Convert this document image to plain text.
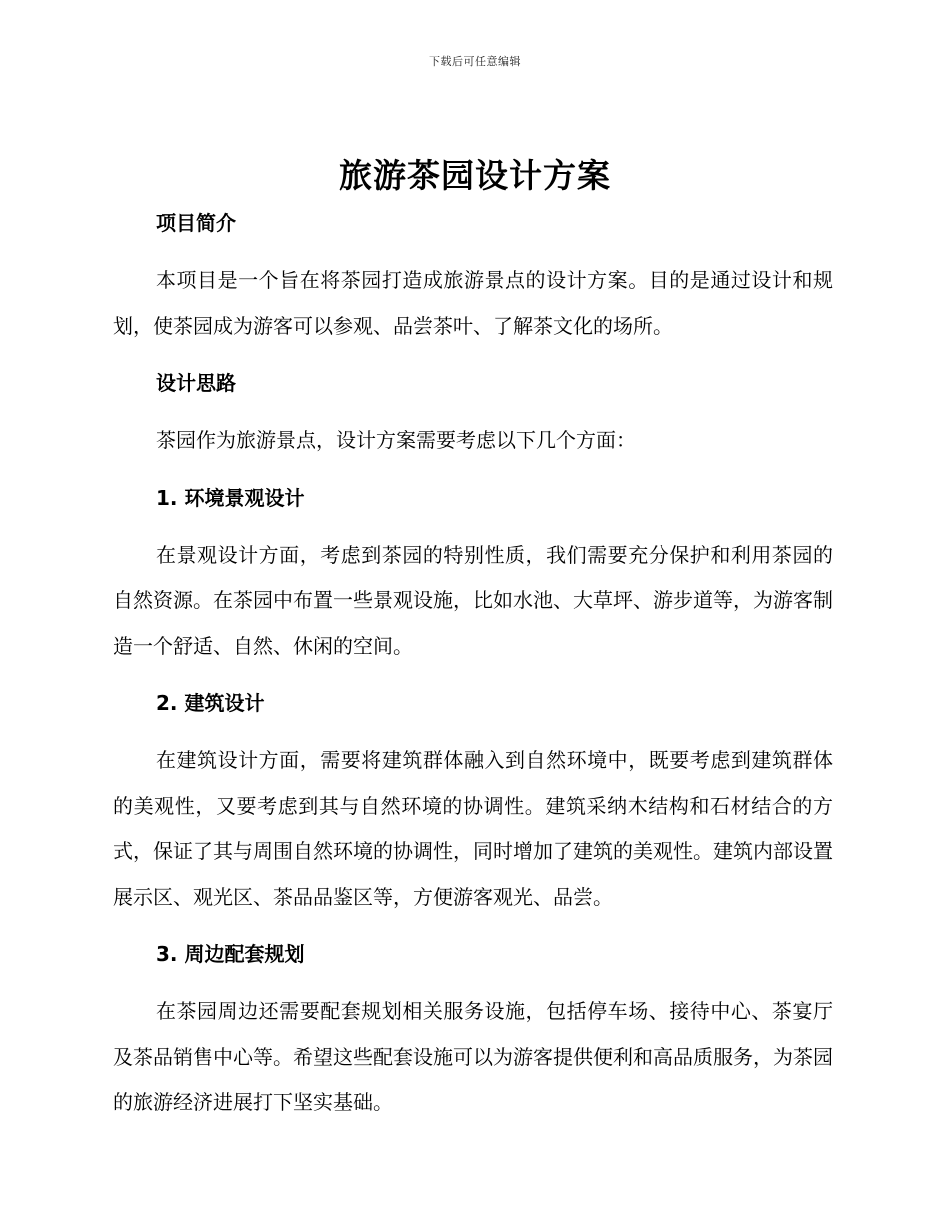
下载后可任意编辑
旅游茶园设计方案
项目简介

本项目是一个旨在将茶园打造成旅游景点的设计方案。目的是通过设计和规划，使茶园成为游客可以参观、品尝茶叶、了解茶文化的场所。

设计思路

茶园作为旅游景点，设计方案需要考虑以下几个方面：

1. 环境景观设计

在景观设计方面，考虑到茶园的特别性质，我们需要充分保护和利用茶园的自然资源。在茶园中布置一些景观设施，比如水池、大草坪、游步道等，为游客制造一个舒适、自然、休闲的空间。

2. 建筑设计

在建筑设计方面，需要将建筑群体融入到自然环境中，既要考虑到建筑群体的美观性，又要考虑到其与自然环境的协调性。建筑采纳木结构和石材结合的方式，保证了其与周围自然环境的协调性，同时增加了建筑的美观性。建筑内部设置展示区、观光区、茶品品鉴区等，方便游客观光、品尝。

3. 周边配套规划

在茶园周边还需要配套规划相关服务设施，包括停车场、接待中心、茶宴厅及茶品销售中心等。希望这些配套设施可以为游客提供便利和高品质服务，为茶园的旅游经济进展打下坚实基础。
